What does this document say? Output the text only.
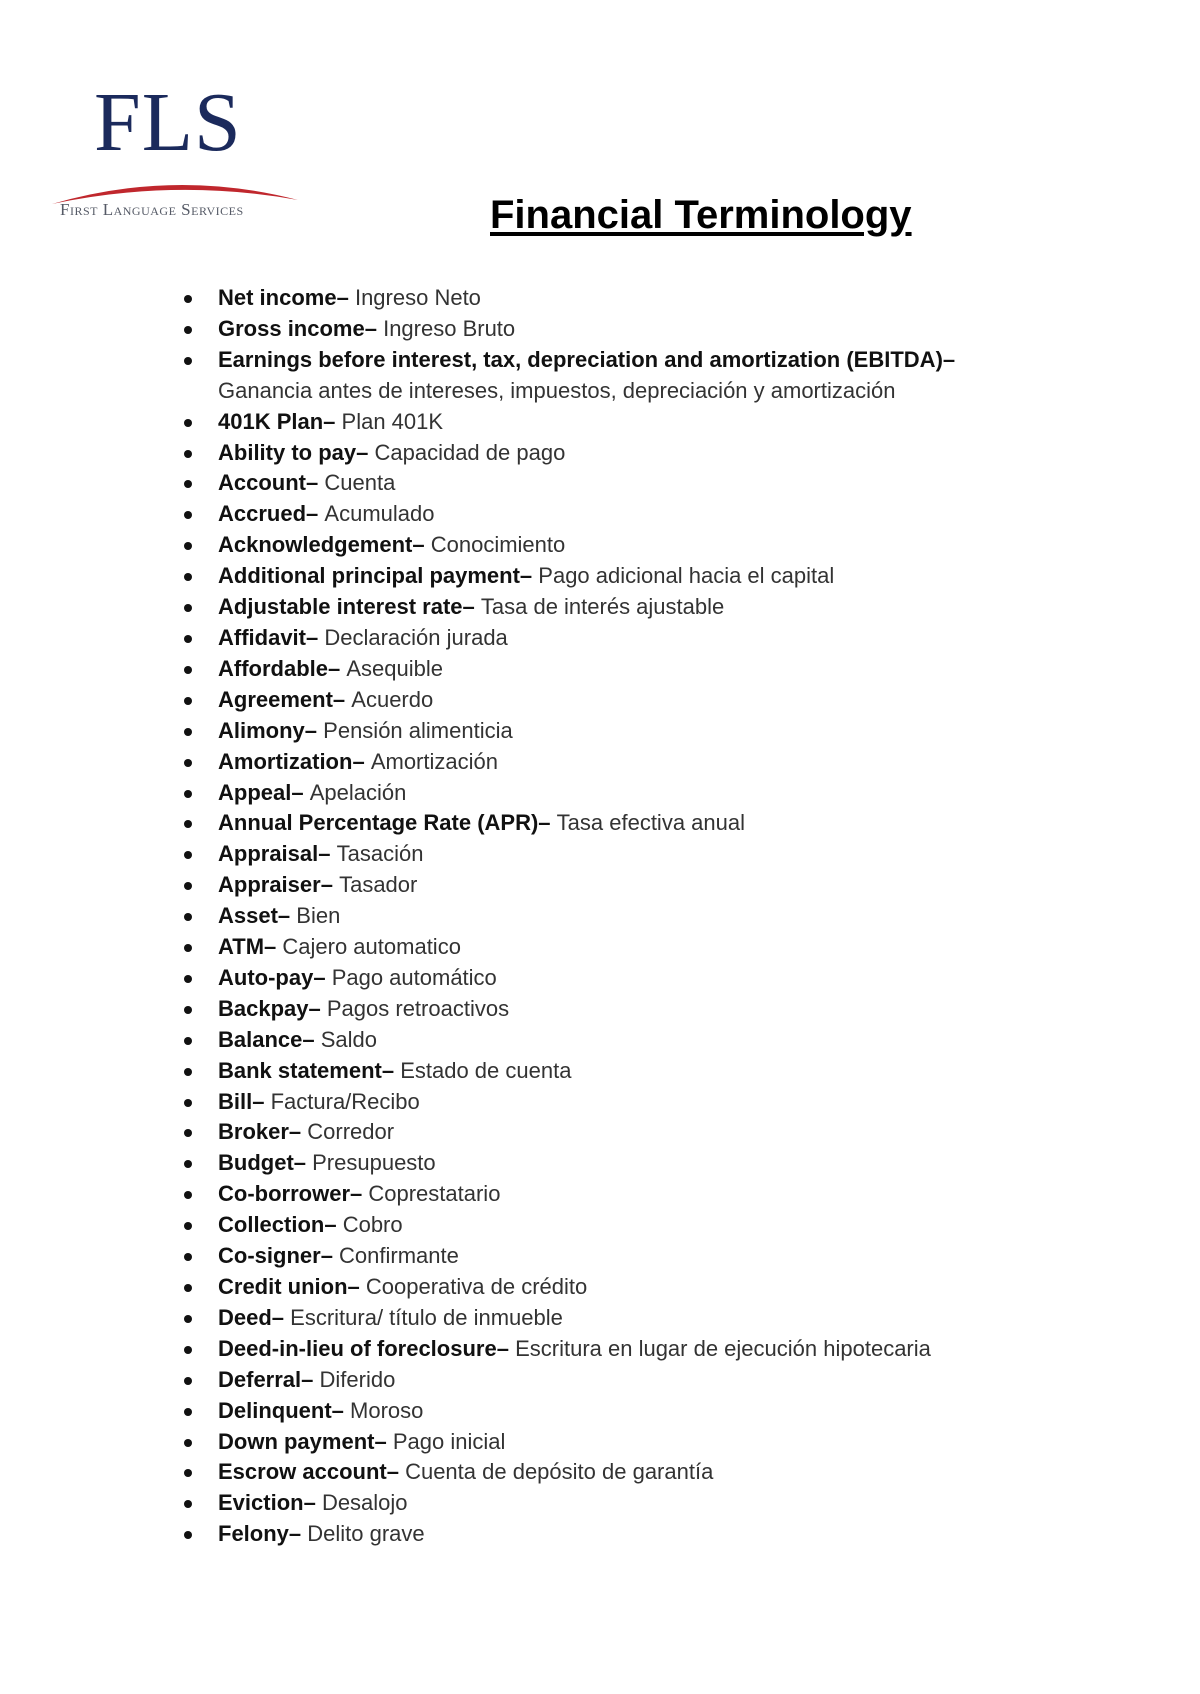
FLS
First Language Services	Financial Terminology
Net income– Ingreso Neto
Gross income– Ingreso Bruto
Earnings before interest, tax, depreciation and amortization (EBITDA)– Ganancia antes de intereses, impuestos, depreciación y amortización
401K Plan– Plan 401K
Ability to pay– Capacidad de pago
Account– Cuenta
Accrued– Acumulado
Acknowledgement– Conocimiento
Additional principal payment– Pago adicional hacia el capital
Adjustable interest rate– Tasa de interés ajustable
Affidavit– Declaración jurada
Affordable– Asequible
Agreement– Acuerdo
Alimony– Pensión alimenticia
Amortization– Amortización
Appeal– Apelación
Annual Percentage Rate (APR)– Tasa efectiva anual
Appraisal– Tasación
Appraiser– Tasador
Asset– Bien
ATM– Cajero automatico
Auto-pay– Pago automático
Backpay– Pagos retroactivos
Balance– Saldo
Bank statement– Estado de cuenta
Bill– Factura/Recibo
Broker– Corredor
Budget– Presupuesto
Co-borrower– Coprestatario
Collection– Cobro
Co-signer– Confirmante
Credit union– Cooperativa de crédito
Deed– Escritura/ título de inmueble
Deed-in-lieu of foreclosure– Escritura en lugar de ejecución hipotecaria
Deferral– Diferido
Delinquent– Moroso
Down payment– Pago inicial
Escrow account– Cuenta de depósito de garantía
Eviction– Desalojo
Felony– Delito grave
